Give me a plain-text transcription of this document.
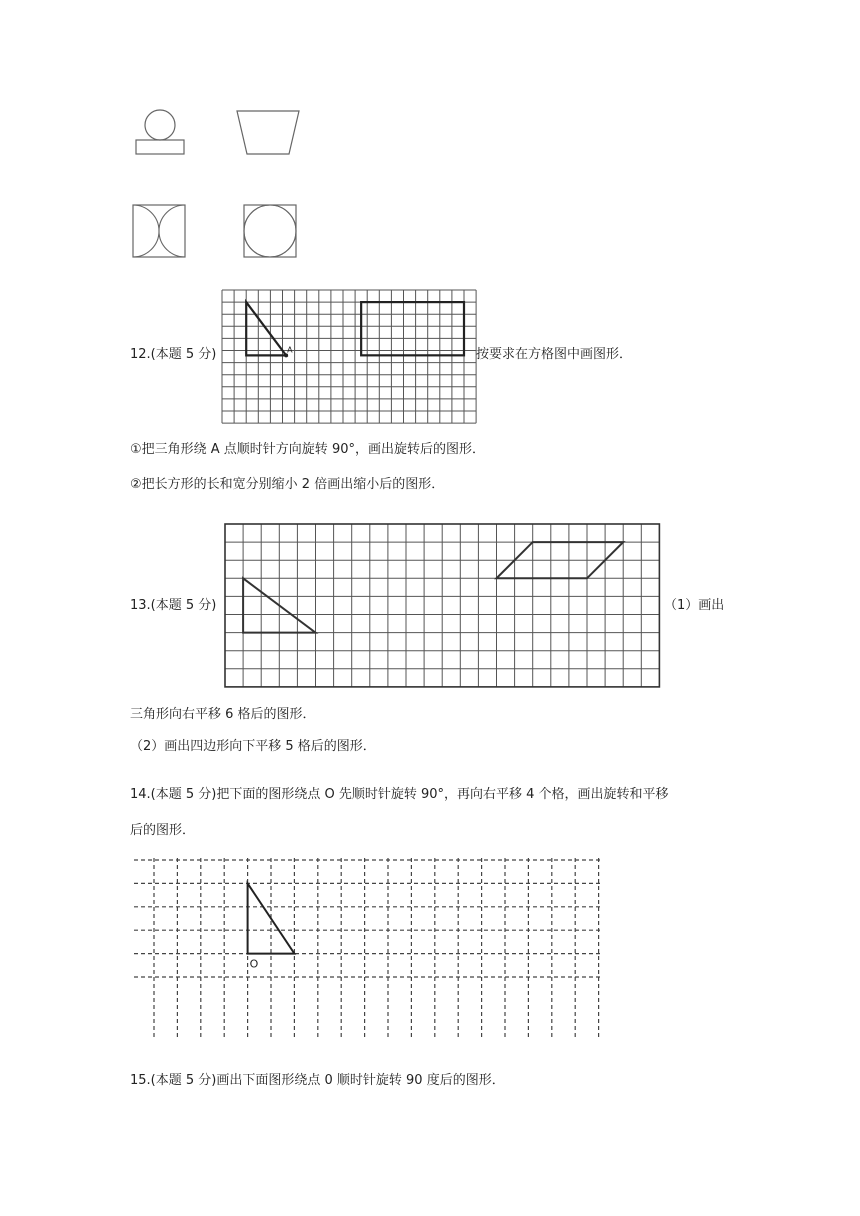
12.(本题 5 分)	A	按要求在方格图中画图形．
①把三角形绕 A 点顺时针方向旋转 90°，画出旋转后的图形．
②把长方形的长和宽分别缩小 2 倍画出缩小后的图形．
13.(本题 5 分)	（1）画出
三角形向右平移 6 格后的图形．
（2）画出四边形向下平移 5 格后的图形．
14.(本题 5 分)把下面的图形绕点 O 先顺时针旋转 90°，再向右平移 4 个格，画出旋转和平移
后的图形．
O
15.(本题 5 分)画出下面图形绕点 0 顺时针旋转 90 度后的图形．
